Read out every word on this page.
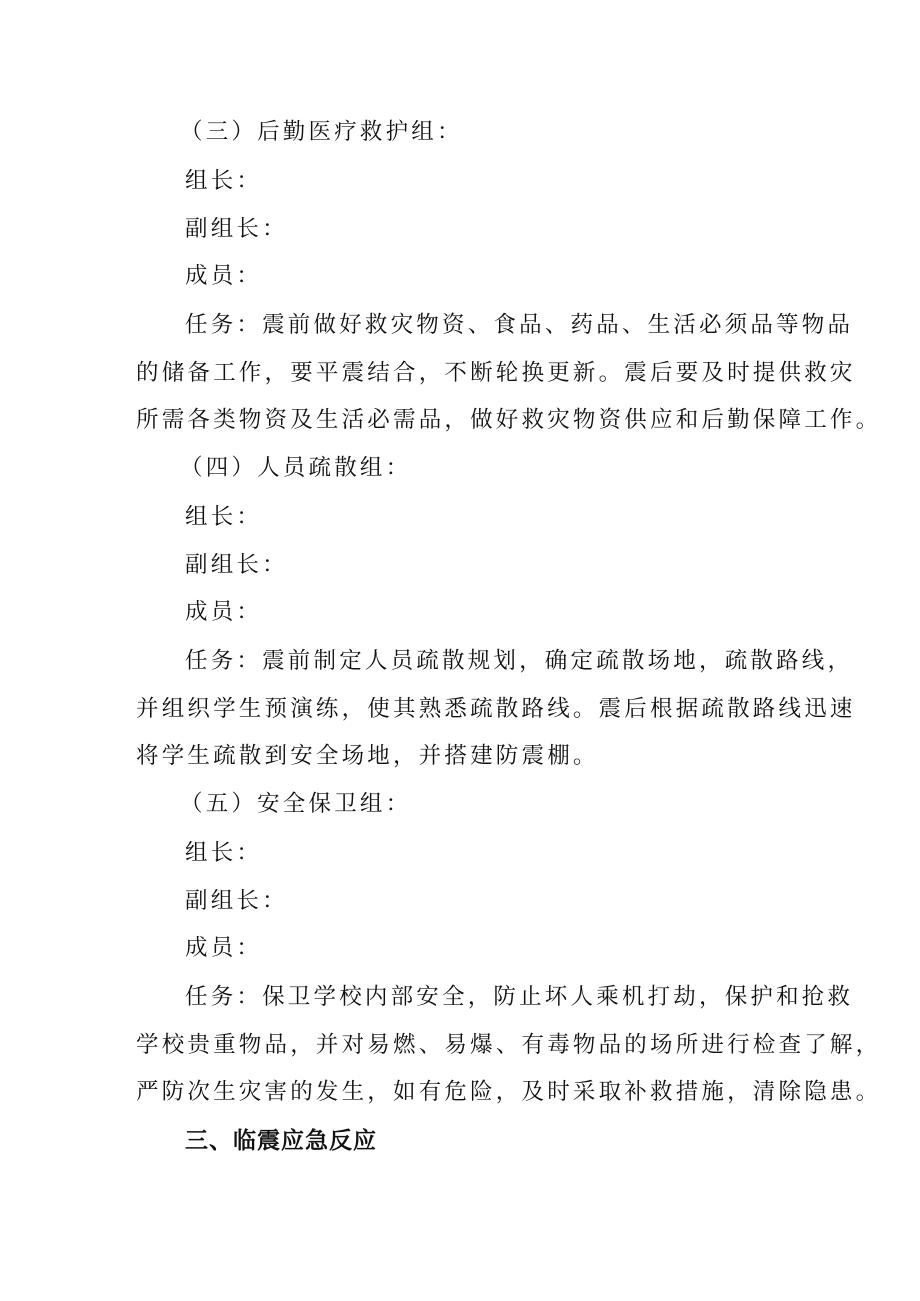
（三）后勤医疗救护组：
组长：
副组长：
成员：
任务：震前做好救灾物资、食品、药品、生活必须品等物品
的储备工作，要平震结合，不断轮换更新。震后要及时提供救灾
所需各类物资及生活必需品，做好救灾物资供应和后勤保障工作。
（四）人员疏散组：
组长：
副组长：
成员：
任务：震前制定人员疏散规划，确定疏散场地，疏散路线，
并组织学生预演练，使其熟悉疏散路线。震后根据疏散路线迅速
将学生疏散到安全场地，并搭建防震棚。
（五）安全保卫组：
组长：
副组长：
成员：
任务：保卫学校内部安全，防止坏人乘机打劫，保护和抢救
学校贵重物品，并对易燃、易爆、有毒物品的场所进行检查了解，
严防次生灾害的发生，如有危险，及时采取补救措施，清除隐患。
三、临震应急反应
